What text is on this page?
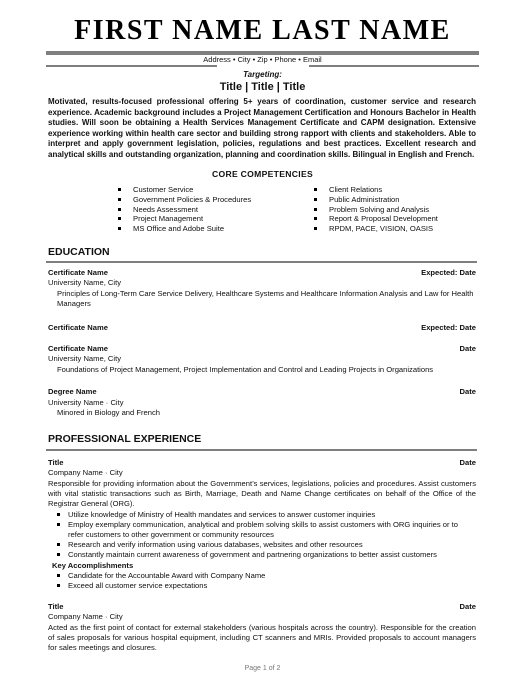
FIRST NAME LAST NAME
Address • City • Zip • Phone • Email
Targeting:
Title | Title | Title
Motivated, results-focused professional offering 5+ years of coordination, customer service and research experience. Academic background includes a Project Management Certification and Honours Bachelor in Health studies. Will soon be obtaining a Health Services Management Certificate and CAPM designation. Extensive experience working within health care sector and building strong rapport with clients and stakeholders. Able to interpret and apply government legislation, policies, regulations and best practices. Excellent research and analytical skills and outstanding organization, planning and coordination skills. Bilingual in English and French.
CORE COMPETENCIES
Customer Service
Government Policies & Procedures
Needs Assessment
Project Management
MS Office and Adobe Suite
Client Relations
Public Administration
Problem Solving and Analysis
Report & Proposal Development
RPDM, PACE, VISION, OASIS
EDUCATION
Certificate Name	Expected: Date
University Name, City
Principles of Long-Term Care Service Delivery, Healthcare Systems and Healthcare Information Analysis and Law for Health Managers
Certificate Name	Expected: Date
Certificate Name	Date
University Name, City
Foundations of Project Management, Project Implementation and Control and Leading Projects in Organizations
Degree Name	Date
University Name · City
Minored in Biology and French
PROFESSIONAL EXPERIENCE
Title	Date
Company Name · City
Responsible for providing information about the Government’s services, legislations, policies and procedures. Assist customers with vital statistic transactions such as Birth, Marriage, Death and Name Change certificates on behalf of the Office of the Registrar General (ORG).
Utilize knowledge of Ministry of Health mandates and services to answer customer inquiries
Employ exemplary communication, analytical and problem solving skills to assist customers with ORG inquiries or to refer customers to other government or community resources
Research and verify information using various databases, websites and other resources
Constantly maintain current awareness of government and partnering organizations to better assist customers
Key Accomplishments
Candidate for the Accountable Award with Company Name
Exceed all customer service expectations
Title	Date
Company Name · City
Acted as the first point of contact for external stakeholders (various hospitals across the country). Responsible for the creation of sales proposals for various hospital equipment, including CT scanners and MRIs. Provided proposals to account managers for sales meetings and closures.
Page 1 of 2
